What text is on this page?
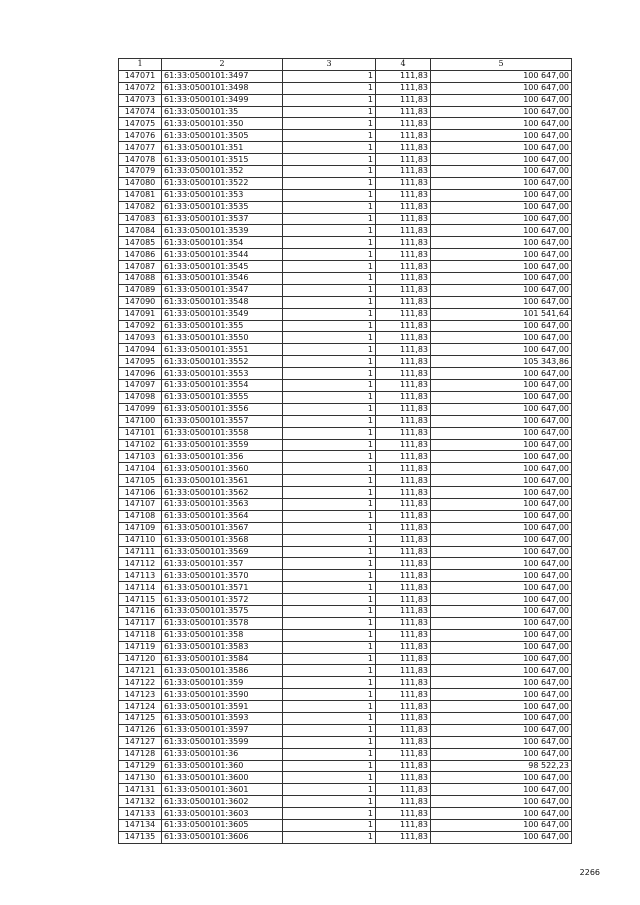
1	2	3	4	5
147071	61:33:0500101:3497	1	111,83	100 647,00
147072	61:33:0500101:3498	1	111,83	100 647,00
147073	61:33:0500101:3499	1	111,83	100 647,00
147074	61:33:0500101:35	1	111,83	100 647,00
147075	61:33:0500101:350	1	111,83	100 647,00
147076	61:33:0500101:3505	1	111,83	100 647,00
147077	61:33:0500101:351	1	111,83	100 647,00
147078	61:33:0500101:3515	1	111,83	100 647,00
147079	61:33:0500101:352	1	111,83	100 647,00
147080	61:33:0500101:3522	1	111,83	100 647,00
147081	61:33:0500101:353	1	111,83	100 647,00
147082	61:33:0500101:3535	1	111,83	100 647,00
147083	61:33:0500101:3537	1	111,83	100 647,00
147084	61:33:0500101:3539	1	111,83	100 647,00
147085	61:33:0500101:354	1	111,83	100 647,00
147086	61:33:0500101:3544	1	111,83	100 647,00
147087	61:33:0500101:3545	1	111,83	100 647,00
147088	61:33:0500101:3546	1	111,83	100 647,00
147089	61:33:0500101:3547	1	111,83	100 647,00
147090	61:33:0500101:3548	1	111,83	100 647,00
147091	61:33:0500101:3549	1	111,83	101 541,64
147092	61:33:0500101:355	1	111,83	100 647,00
147093	61:33:0500101:3550	1	111,83	100 647,00
147094	61:33:0500101:3551	1	111,83	100 647,00
147095	61:33:0500101:3552	1	111,83	105 343,86
147096	61:33:0500101:3553	1	111,83	100 647,00
147097	61:33:0500101:3554	1	111,83	100 647,00
147098	61:33:0500101:3555	1	111,83	100 647,00
147099	61:33:0500101:3556	1	111,83	100 647,00
147100	61:33:0500101:3557	1	111,83	100 647,00
147101	61:33:0500101:3558	1	111,83	100 647,00
147102	61:33:0500101:3559	1	111,83	100 647,00
147103	61:33:0500101:356	1	111,83	100 647,00
147104	61:33:0500101:3560	1	111,83	100 647,00
147105	61:33:0500101:3561	1	111,83	100 647,00
147106	61:33:0500101:3562	1	111,83	100 647,00
147107	61:33:0500101:3563	1	111,83	100 647,00
147108	61:33:0500101:3564	1	111,83	100 647,00
147109	61:33:0500101:3567	1	111,83	100 647,00
147110	61:33:0500101:3568	1	111,83	100 647,00
147111	61:33:0500101:3569	1	111,83	100 647,00
147112	61:33:0500101:357	1	111,83	100 647,00
147113	61:33:0500101:3570	1	111,83	100 647,00
147114	61:33:0500101:3571	1	111,83	100 647,00
147115	61:33:0500101:3572	1	111,83	100 647,00
147116	61:33:0500101:3575	1	111,83	100 647,00
147117	61:33:0500101:3578	1	111,83	100 647,00
147118	61:33:0500101:358	1	111,83	100 647,00
147119	61:33:0500101:3583	1	111,83	100 647,00
147120	61:33:0500101:3584	1	111,83	100 647,00
147121	61:33:0500101:3586	1	111,83	100 647,00
147122	61:33:0500101:359	1	111,83	100 647,00
147123	61:33:0500101:3590	1	111,83	100 647,00
147124	61:33:0500101:3591	1	111,83	100 647,00
147125	61:33:0500101:3593	1	111,83	100 647,00
147126	61:33:0500101:3597	1	111,83	100 647,00
147127	61:33:0500101:3599	1	111,83	100 647,00
147128	61:33:0500101:36	1	111,83	100 647,00
147129	61:33:0500101:360	1	111,83	98 522,23
147130	61:33:0500101:3600	1	111,83	100 647,00
147131	61:33:0500101:3601	1	111,83	100 647,00
147132	61:33:0500101:3602	1	111,83	100 647,00
147133	61:33:0500101:3603	1	111,83	100 647,00
147134	61:33:0500101:3605	1	111,83	100 647,00
147135	61:33:0500101:3606	1	111,83	100 647,00
2266
